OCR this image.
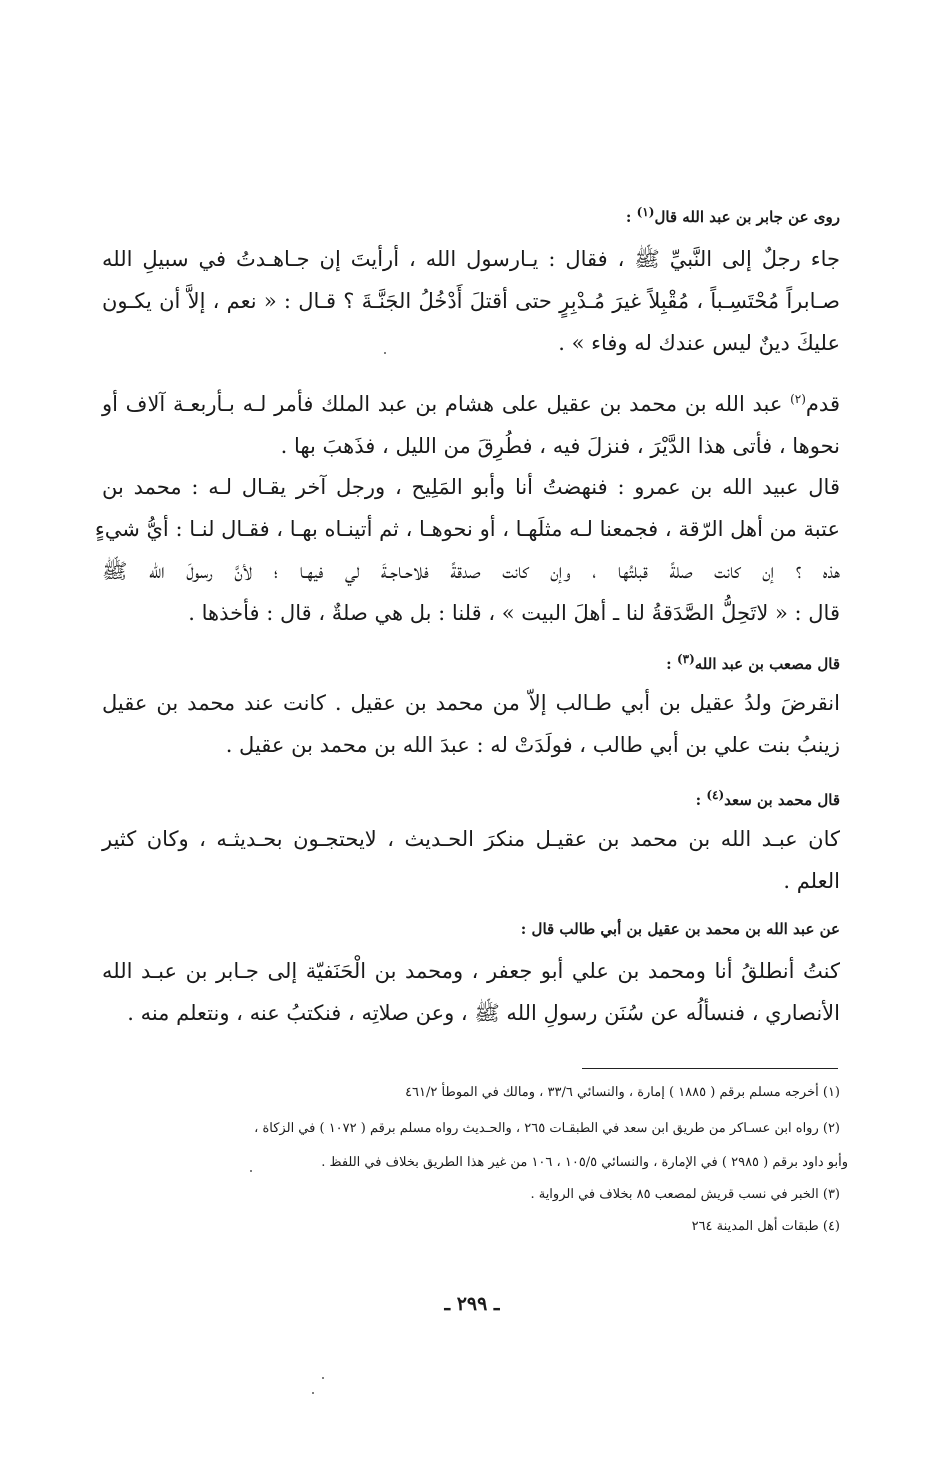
روى عن جابر بن عبد الله قال$^{(١)}$ :
جاء رجلٌ إلى النَّبيِّ ﷺ ، فقال : يـارسول الله ، أرأيتَ إن جـاهـدتُ في سبيلِ الله
صـابراً مُحْتَسِـباً ، مُقْبِلاً غيرَ مُـدْبِرٍ حتى أقتلَ أَدْخُلُ الجَنَّـةَ ؟ قـال : « نعم ، إلاَّ أن يكـون
عليكَ دينٌ ليس عندك له وفاء » .
قدم$^{(٢)}$ عبد الله بن محمد بن عقيل على هشام بن عبد الملك فأمر لـه بـأربعـة آلاف أو
نحوها ، فأتى هذا الدَّيْرَ ، فنزلَ فيه ، فطُرِقَ من الليل ، فذَهبَ بها .
قال عبيد الله بن عمرو : فنهضتُ أنا وأبو المَلِيح ، ورجل آخر يقـال لـه : محمد بن
عتبة من أهل الرّقة ، فجمعنا لـه مثلَهـا ، أو نحوهـا ، ثم أتينـاه بهـا ، فقـال لنـا : أيُّ شيءٍ
هذه ؟ إن كانت صلةً قبلتُها ، وإن كانت صدقةً فلاحـاجـةَ لي فيهـا ؛ لأنَّ رسولَ الله ﷺ
قال : « لاتَحِلُّ الصَّدَقةُ لنا ـ أهلَ البيت » ، قلنا : بل هي صلةٌ ، قال : فأخذها .
قال مصعب بن عبد الله$^{(٣)}$ :
انقرضَ ولدُ عقيل بن أبي طـالب إلاّ من محمد بن عقيل . كانت عند محمد بن عقيل
زينبُ بنت علي بن أبي طالب ، فولَدَتْ له : عبدَ الله بن محمد بن عقيل .
قال محمد بن سعد$^{(٤)}$ :
كان عبـد الله بن محمد بن عقيـل منكرَ الحـديث ، لايحتجـون بحـديثـه ، وكان كثير
العلم .
عن عبد الله بن محمد بن عقيل بن أبي طالب قال :
كنتُ أنطلقُ أنا ومحمد بن علي أبو جعفر ، ومحمد بن الْحَنَفيّة إلى جـابر بن عبـد الله
الأنصاري ، فنسألُه عن سُنَن رسولِ الله ﷺ ، وعن صلاتِه ، فنكتبُ عنه ، ونتعلم منه .
(١) أخرجه مسلم برقم ( ١٨٨٥ ) إمارة ، والنسائي ٣٣/٦ ، ومالك في الموطأ ٤٦١/٢
(٢) رواه ابن عسـاكر من طريق ابن سعد في الطبقـات ٢٦٥ ، والحـديث رواه مسلم برقم ( ١٠٧٢ ) في الزكاة ،
وأبو داود برقم ( ٢٩٨٥ ) في الإمارة ، والنسائي ١٠٥/٥ ، ١٠٦ من غير هذا الطريق بخلاف في اللفظ .
(٣) الخبر في نسب قريش لمصعب ٨٥ بخلاف في الرواية .
(٤) طبقات أهل المدينة ٢٦٤
ـ ٢٩٩ ـ
